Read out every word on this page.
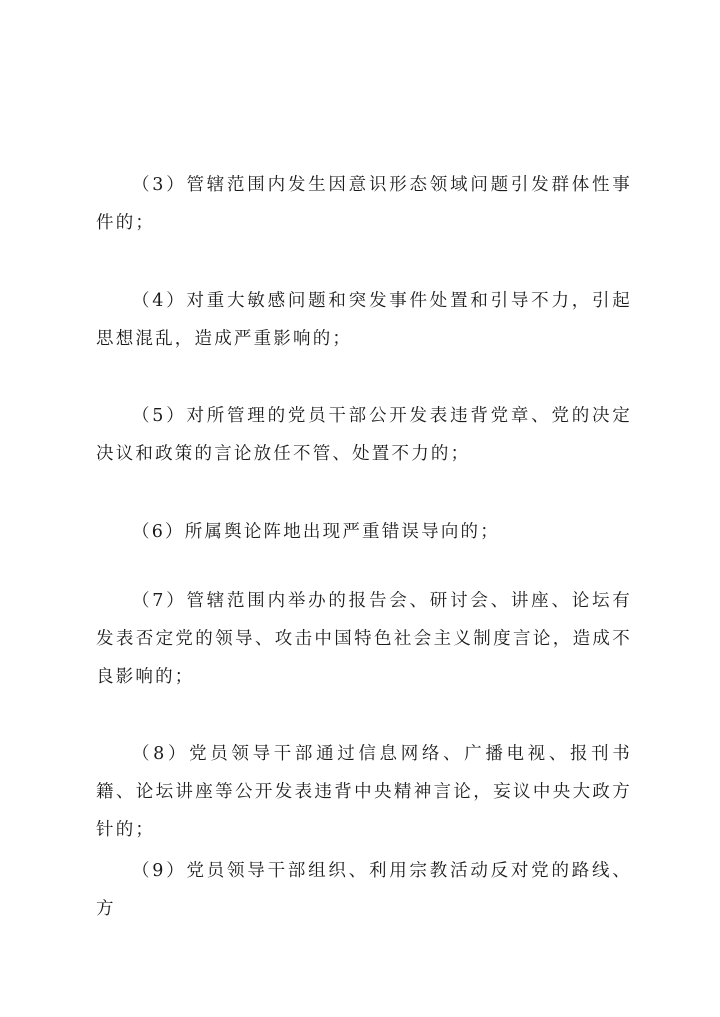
（3）管辖范围内发生因意识形态领域问题引发群体性事件的；

（4）对重大敏感问题和突发事件处置和引导不力，引起思想混乱，造成严重影响的；

（5）对所管理的党员干部公开发表违背党章、党的决定决议和政策的言论放任不管、处置不力的；

（6）所属舆论阵地出现严重错误导向的；

（7）管辖范围内举办的报告会、研讨会、讲座、论坛有发表否定党的领导、攻击中国特色社会主义制度言论，造成不良影响的；

（8）党员领导干部通过信息网络、广播电视、报刊书籍、论坛讲座等公开发表违背中央精神言论，妄议中央大政方针的；

（9）党员领导干部组织、利用宗教活动反对党的路线、方
